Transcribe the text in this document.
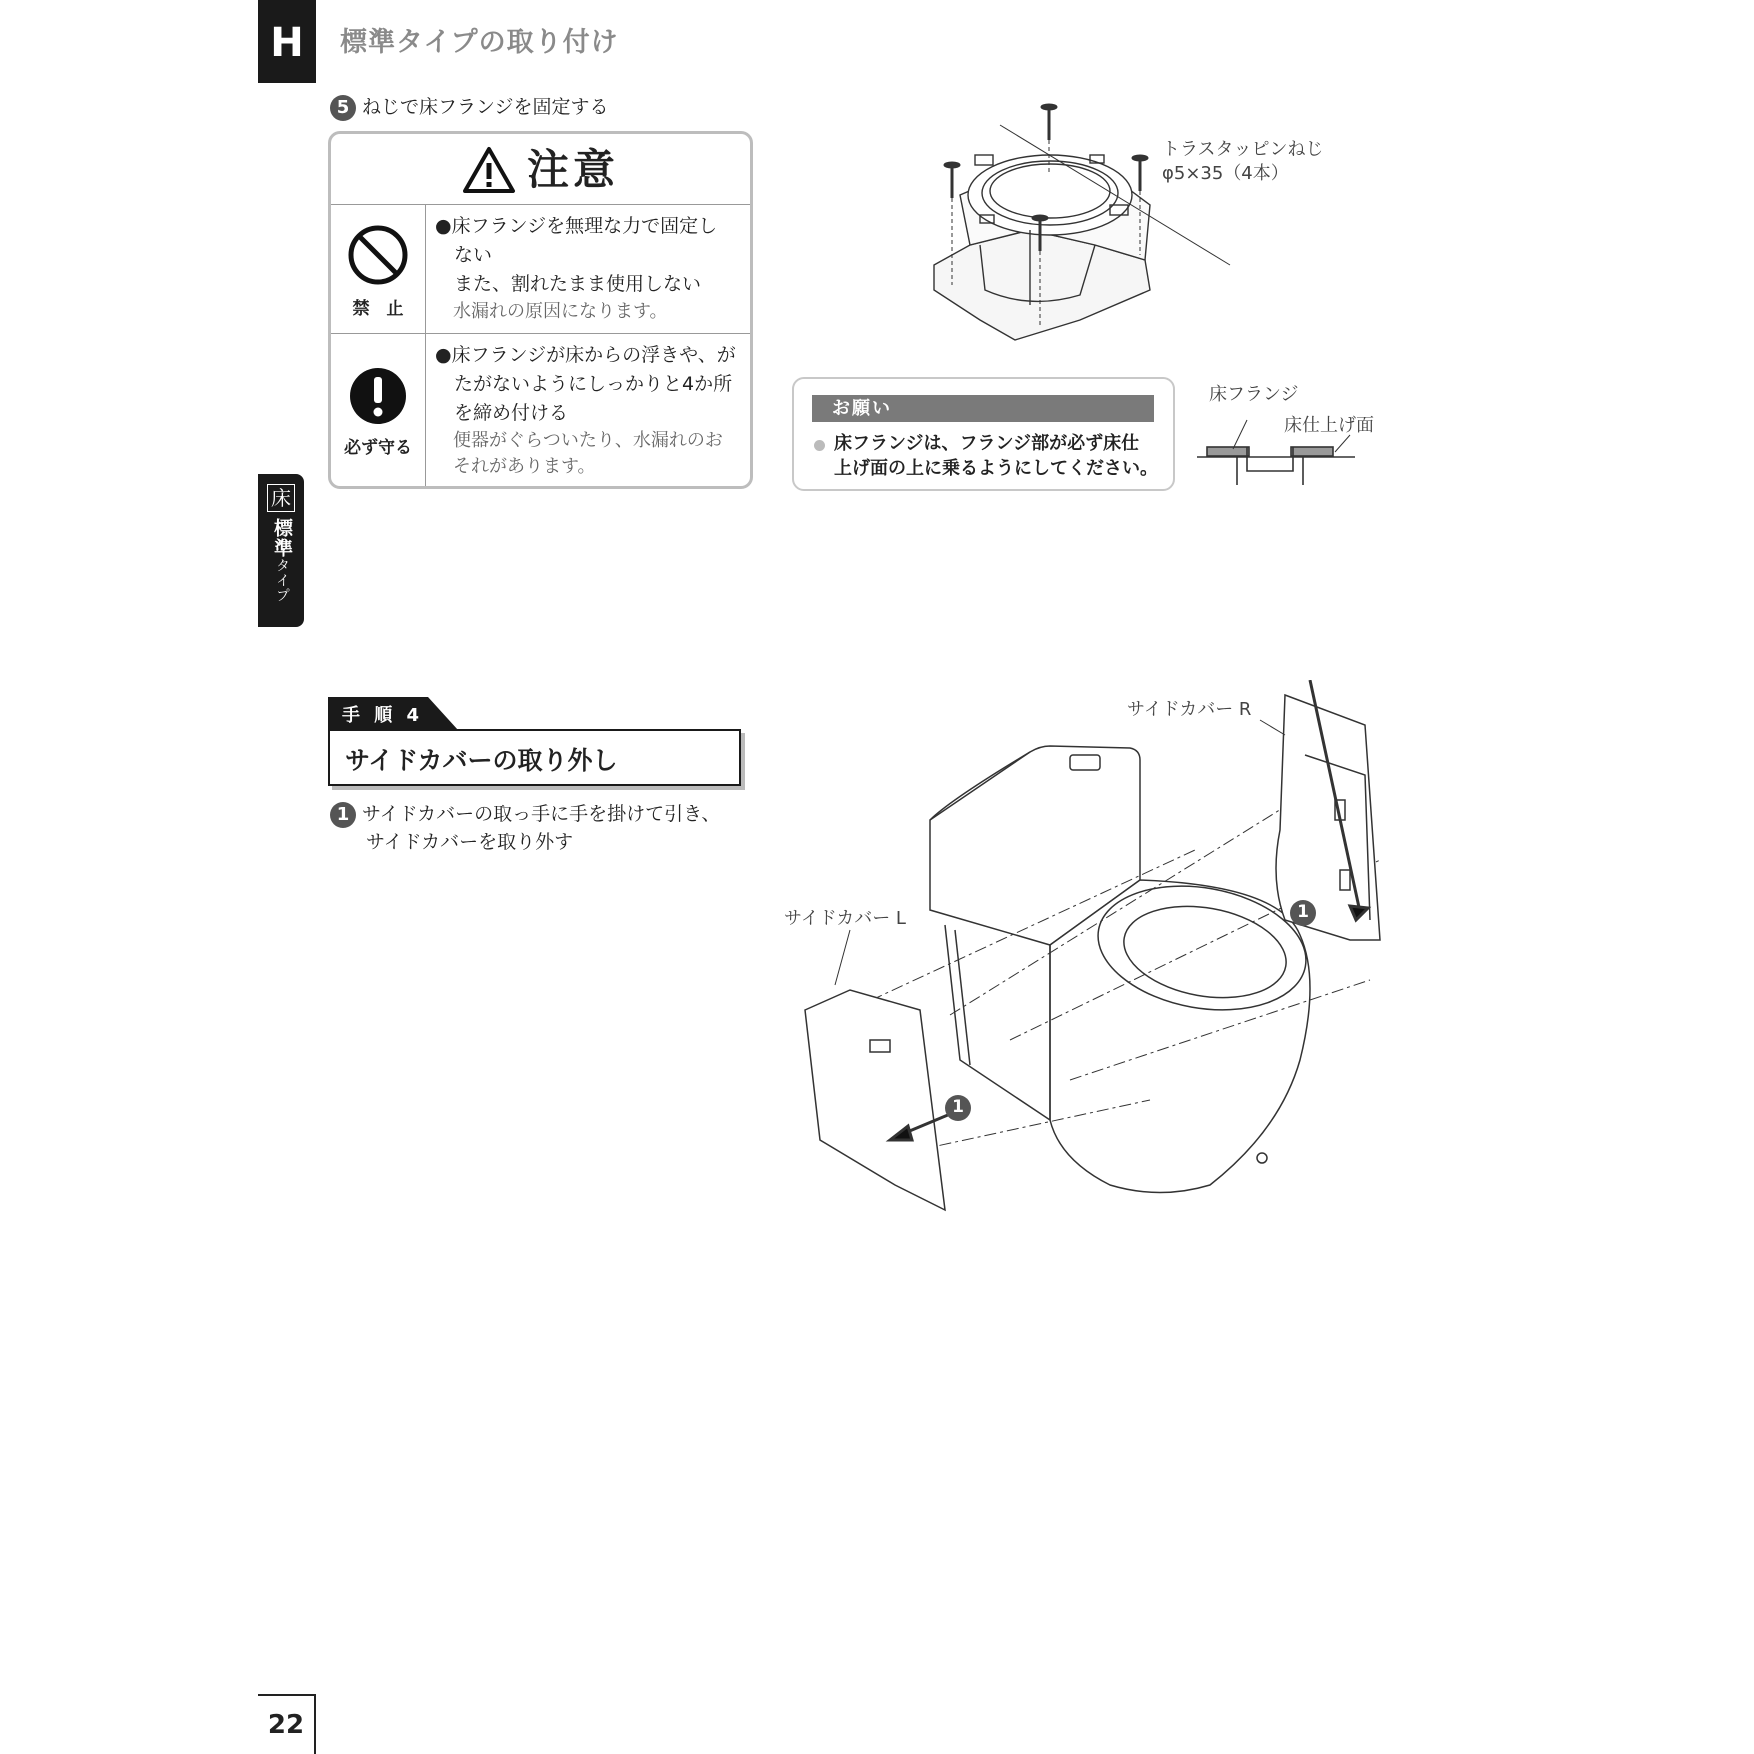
H	標準タイプの取り付け
床
標準タイプ
5 ねじで床フランジを固定する
注意
禁　止
●床フランジを無理な力で固定し
　ない
　また、割れたまま使用しない
　水漏れの原因になります。
必ず守る
●床フランジが床からの浮きや、が
　たがないようにしっかりと4か所
　を締め付ける
　便器がぐらついたり、水漏れのお
　それがあります。
トラスタッピンねじ
φ5×35（4本）
お願い
床フランジは、フランジ部が必ず床仕
上げ面の上に乗るようにしてください。
床フランジ
床仕上げ面
手 順 4
サイドカバーの取り外し
1 サイドカバーの取っ手に手を掛けて引き、
サイドカバーを取り外す
1
1
サイドカバー R
サイドカバー L
22
